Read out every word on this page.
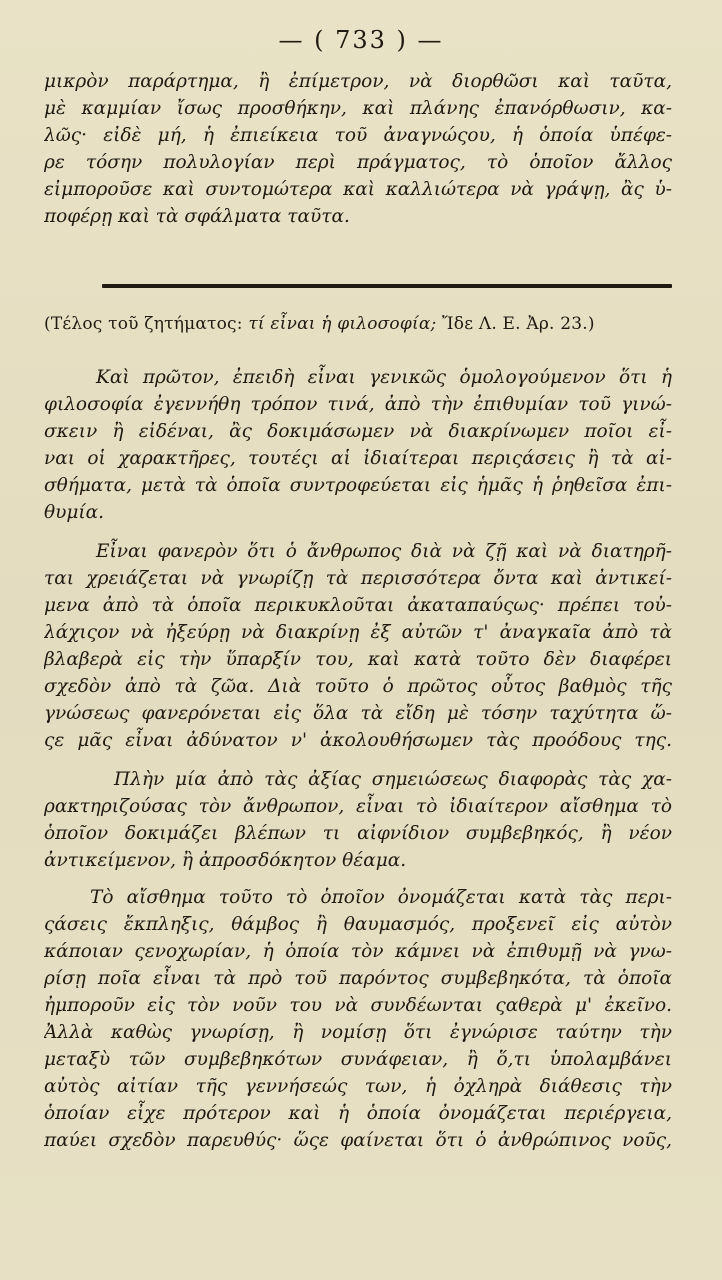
— ( 733 ) —
μικρὸν παράρτημα, ἢ ἐπίμετρον, νὰ διορθῶσι καὶ ταῦτα,
μὲ καμμίαν ἴσως προσθήκην, καὶ πλάνης ἐπανόρθωσιν, κα-
λῶς· εἰδὲ μή, ἡ ἐπιείκεια τοῦ ἀναγνώςου, ἡ ὁποία ὑπέφε-
ρε τόσην πολυλογίαν περὶ πράγματος, τὸ ὁποῖον ἄλλος
εἰμποροῦσε καὶ συντομώτερα καὶ καλλιώτερα νὰ γράψῃ, ἂς ὑ-
ποφέρῃ καὶ τὰ σφάλματα ταῦτα.
(Τέλος τοῦ ζητήματος: τί εἶναι ἡ φιλοσοφία; Ἴδε Λ. Ε. Ἀρ. 23.)
Καὶ πρῶτον, ἐπειδὴ εἶναι γενικῶς ὁμολογούμενον ὅτι ἡ
φιλοσοφία ἐγεννήθη τρόπον τινά, ἀπὸ τὴν ἐπιθυμίαν τοῦ γινώ-
σκειν ἢ εἰδέναι, ἂς δοκιμάσωμεν νὰ διακρίνωμεν ποῖοι εἶ-
ναι οἱ χαρακτῆρες, τουτέςι αἱ ἰδιαίτεραι περιςάσεις ἢ τὰ αἰ-
σθήματα, μετὰ τὰ ὁποῖα συντροφεύεται εἰς ἡμᾶς ἡ ῥηθεῖσα ἐπι-
θυμία.
Εἶναι φανερὸν ὅτι ὁ ἄνθρωπος διὰ νὰ ζῇ καὶ νὰ διατηρῆ-
ται χρειάζεται νὰ γνωρίζῃ τὰ περισσότερα ὄντα καὶ ἀντικεί-
μενα ἀπὸ τὰ ὁποῖα περικυκλοῦται ἀκαταπαύςως· πρέπει τοὐ-
λάχιςον νὰ ἠξεύρῃ νὰ διακρίνῃ ἐξ αὐτῶν τ' ἀναγκαῖα ἀπὸ τὰ
βλαβερὰ εἰς τὴν ὕπαρξίν του, καὶ κατὰ τοῦτο δὲν διαφέρει
σχεδὸν ἀπὸ τὰ ζῶα. Διὰ τοῦτο ὁ πρῶτος οὗτος βαθμὸς τῆς
γνώσεως φανερόνεται εἰς ὅλα τὰ εἴδη μὲ τόσην ταχύτητα ὥ-
ςε μᾶς εἶναι ἀδύνατον ν' ἀκολουθήσωμεν τὰς προόδους της.
Πλὴν μία ἀπὸ τὰς ἀξίας σημειώσεως διαφορὰς τὰς χα-
ρακτηριζούσας τὸν ἄνθρωπον, εἶναι τὸ ἰδιαίτερον αἴσθημα τὸ
ὁποῖον δοκιμάζει βλέπων τι αἰφνίδιον συμβεβηκός, ἢ νέον
ἀντικείμενον, ἢ ἀπροσδόκητον θέαμα.
Τὸ αἴσθημα τοῦτο τὸ ὁποῖον ὀνομάζεται κατὰ τὰς περι-
ςάσεις ἔκπληξις, θάμβος ἢ θαυμασμός, προξενεῖ εἰς αὐτὸν
κάποιαν ςενοχωρίαν, ἡ ὁποία τὸν κάμνει νὰ ἐπιθυμῇ νὰ γνω-
ρίσῃ ποῖα εἶναι τὰ πρὸ τοῦ παρόντος συμβεβηκότα, τὰ ὁποῖα
ἠμποροῦν εἰς τὸν νοῦν του νὰ συνδέωνται ςαθερὰ μ' ἐκεῖνο.
Ἀλλὰ καθὼς γνωρίσῃ, ἢ νομίσῃ ὅτι ἐγνώρισε ταύτην τὴν
μεταξὺ τῶν συμβεβηκότων συνάφειαν, ἢ ὅ,τι ὑπολαμβάνει
αὐτὸς αἰτίαν τῆς γεννήσεώς των, ἡ ὀχληρὰ διάθεσις τὴν
ὁποίαν εἶχε πρότερον καὶ ἡ ὁποία ὀνομάζεται περιέργεια,
παύει σχεδὸν παρευθύς· ὥςε φαίνεται ὅτι ὁ ἀνθρώπινος νοῦς,
